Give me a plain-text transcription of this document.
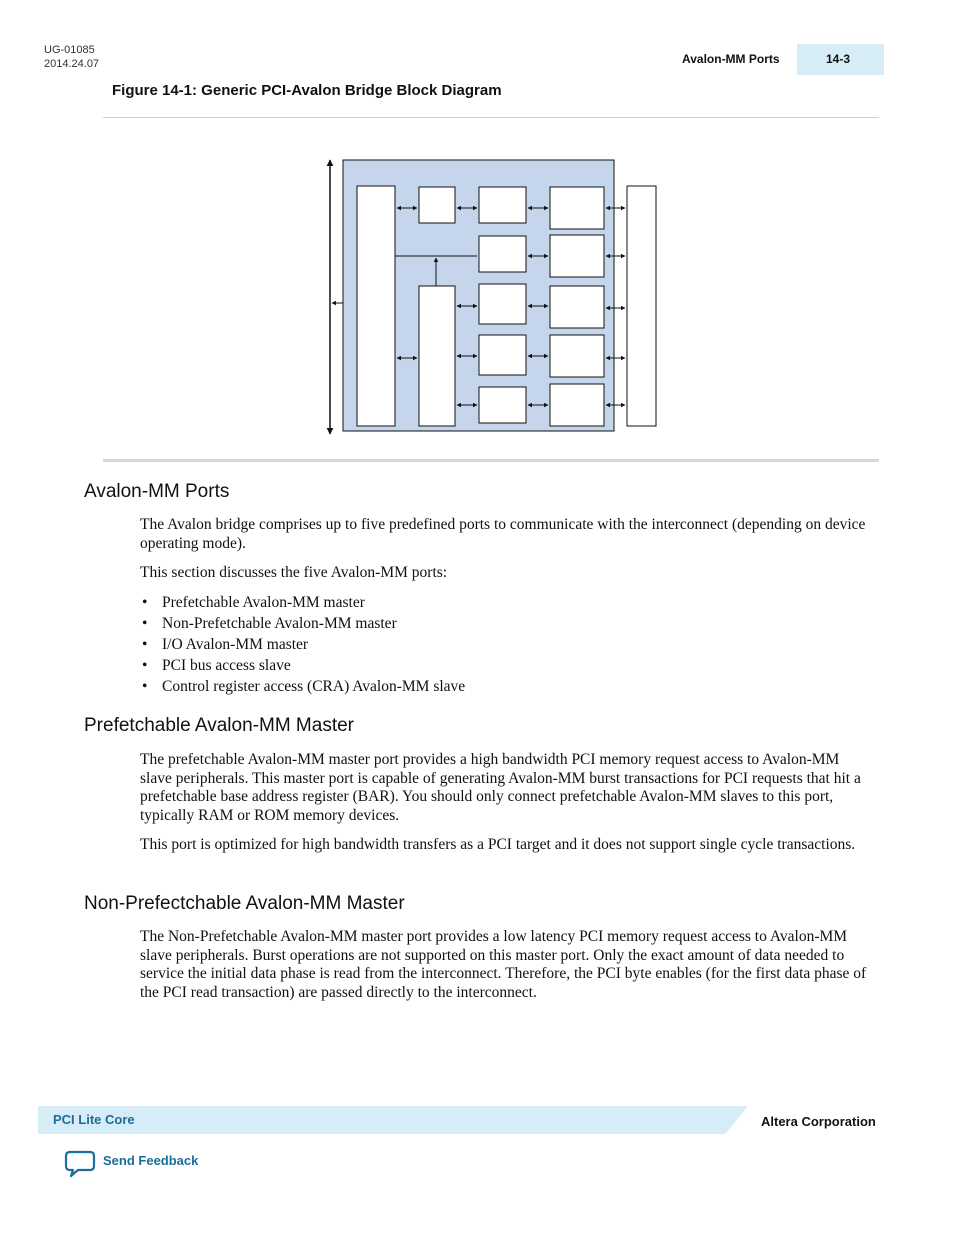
UG-01085
2014.24.07	Avalon-MM Ports	14-3
Figure 14-1: Generic PCI-Avalon Bridge Block Diagram
Avalon-MM Ports

The Avalon bridge comprises up to five predefined ports to communicate with the interconnect (depending on device operating mode).

This section discusses the five Avalon-MM ports:

• Prefetchable Avalon-MM master
• Non-Prefetchable Avalon-MM master
• I/O Avalon-MM master
• PCI bus access slave
• Control register access (CRA) Avalon-MM slave
Prefetchable Avalon-MM Master

The prefetchable Avalon-MM master port provides a high bandwidth PCI memory request access to Avalon-MM slave peripherals. This master port is capable of generating Avalon-MM burst transactions for PCI requests that hit a prefetchable base address register (BAR). You should only connect prefetchable Avalon-MM slaves to this port, typically RAM or ROM memory devices.

This port is optimized for high bandwidth transfers as a PCI target and it does not support single cycle transactions.

Non-Prefectchable Avalon-MM Master

The Non-Prefetchable Avalon-MM master port provides a low latency PCI memory request access to Avalon-MM slave peripherals. Burst operations are not supported on this master port. Only the exact amount of data needed to service the initial data phase is read from the interconnect. Therefore, the PCI byte enables (for the first data phase of the PCI read transaction) are passed directly to the interconnect.

PCI Lite Core	Altera Corporation
Send Feedback
